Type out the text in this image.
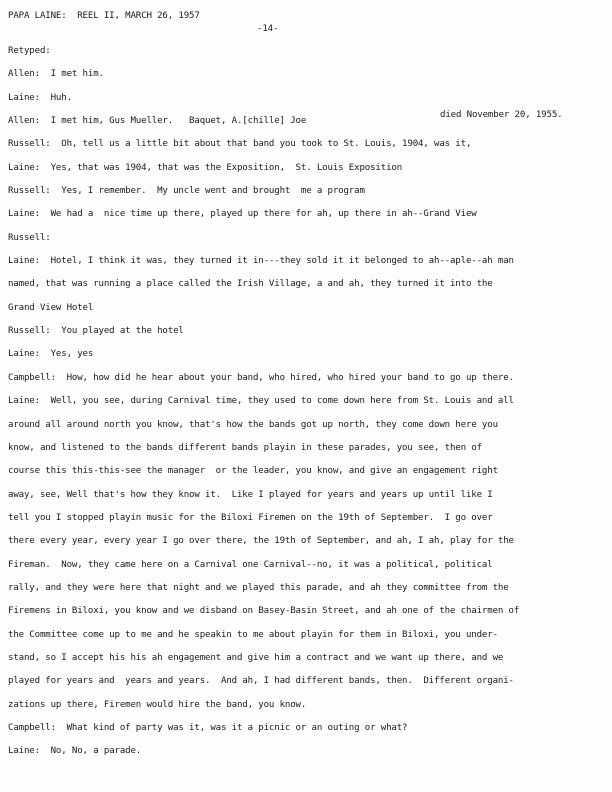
PAPA LAINE:  REEL II, MARCH 26, 1957
-14-
died November 20, 1955.
Retyped:
Allen:  I met him.
Laine:  Huh.
Allen:  I met him, Gus Mueller.   Baquet, A.[chille] Joe
Russell:  Oh, tell us a little bit about that band you took to St. Louis, 1904, was it,
Laine:  Yes, that was 1904, that was the Exposition,  St. Louis Exposition
Russell:  Yes, I remember.  My uncle went and brought  me a program
Laine:  We had a  nice time up there, played up there for ah, up there in ah--Grand View
Russell:
Laine:  Hotel, I think it was, they turned it in---they sold it it belonged to ah--aple--ah man
named, that was running a place called the Irish Village, a and ah, they turned it into the
Grand View Hotel
Russell:  You played at the hotel
Laine:  Yes, yes
Campbell:  How, how did he hear about your band, who hired, who hired your band to go up there.
Laine:  Well, you see, during Carnival time, they used to come down here from St. Louis and all
around all around north you know, that's how the bands got up north, they come down here you
know, and listened to the bands different bands playin in these parades, you see, then of
course this this-this-see the manager  or the leader, you know, and give an engagement right
away, see, Well that's how they know it.  Like I played for years and years up until like I
tell you I stopped playin music for the Biloxi Firemen on the 19th of September.  I go over
there every year, every year I go over there, the 19th of September, and ah, I ah, play for the
Fireman.  Now, they came here on a Carnival one Carnival--no, it was a political, political
rally, and they were here that night and we played this parade, and ah they committee from the
Firemens in Biloxi, you know and we disband on Basey-Basin Street, and ah one of the chairmen of
the Committee come up to me and he speakin to me about playin for them in Biloxi, you under-
stand, so I accept his his ah engagement and give him a contract and we want up there, and we
played for years and  years and years.  And ah, I had different bands, then.  Different organi-
zations up there, Firemen would hire the band, you know.
Campbell:  What kind of party was it, was it a picnic or an outing or what?
Laine:  No, No, a parade.
